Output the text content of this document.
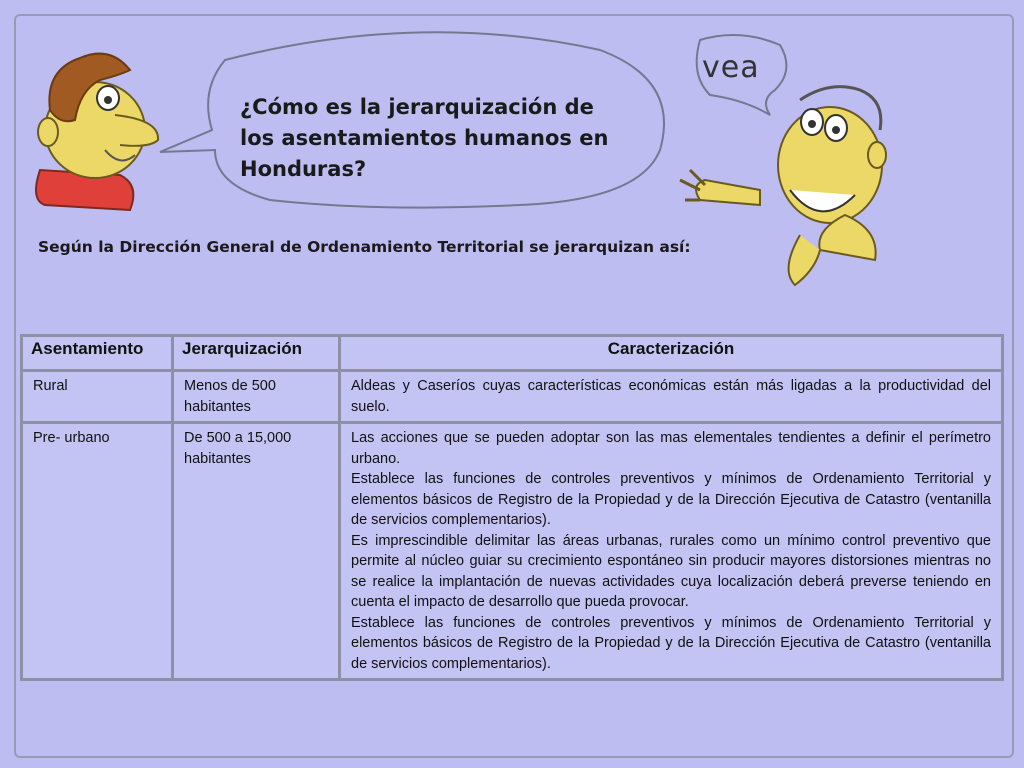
¿Cómo es la jerarquización de los asentamientos humanos en Honduras?
vea
Según la Dirección General de Ordenamiento Territorial se jerarquizan así:
Asentamiento	Jerarquización	Caracterización
Rural	Menos de 500 habitantes	Aldeas y Caseríos cuyas características económicas están más ligadas a la productividad del suelo.

Pre- urbano	De 500 a 15,000 habitantes	Las acciones que se pueden adoptar son las mas elementales tendientes a definir el perímetro urbano.

Establece las funciones de controles preventivos y mínimos de Ordenamiento Territorial y elementos básicos de Registro de la Propiedad y de la Dirección Ejecutiva de Catastro (ventanilla de servicios complementarios).

Es imprescindible delimitar las áreas urbanas, rurales como un mínimo control preventivo que permite al núcleo guiar su crecimiento espontáneo sin producir mayores distorsiones mientras no se realice la implantación de nuevas actividades cuya localización deberá preverse teniendo en cuenta el impacto de desarrollo que pueda provocar.

Establece las funciones de controles preventivos y mínimos de Ordenamiento Territorial y elementos básicos de Registro de la Propiedad y de la Dirección Ejecutiva de Catastro (ventanilla de servicios complementarios).
